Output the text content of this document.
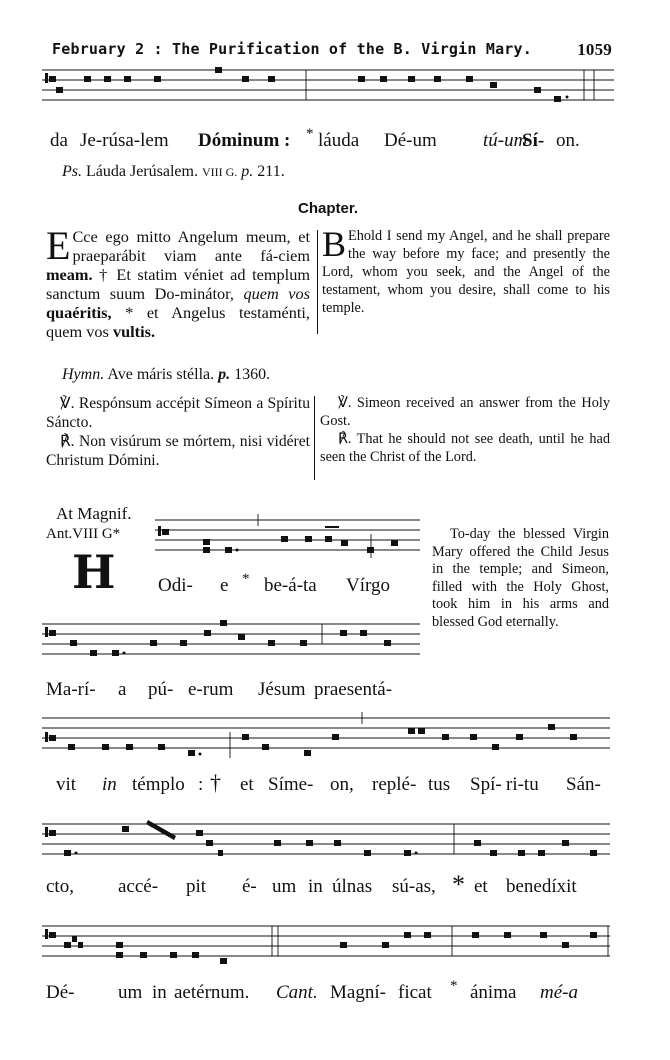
February 2 : The Purification of the B. Virgin Mary.	1059
da Je-rúsa-lem Dóminum : * láuda Dé-um tú-um
Sí- on.
Ps. Láuda Jerúsalem. VIII G. p. 211.
Chapter.
E Cce ego mitto Angelum meum, et praeparábit viam ante fá-ciem meam. † Et statim véniet ad templum sanctum suum Do-minátor, quem vos quaéritis, * et Angelus testaménti, quem vos vultis.
B Ehold I send my Angel, and he shall prepare the way before my face; and presently the Lord, whom you seek, and the Angel of the testament, whom you desire, shall come to his temple.
Hymn. Ave máris stélla. p. 1360.
℣. Respónsum accépit Símeon a Spíritu Sáncto.
℟. Non visúrum se mórtem, nisi vidéret Christum Dómini.
℣. Simeon received an answer from the Holy Gost.
℟. That he should not see death, until he had seen the Christ of the Lord.
At Magnif.
Ant.VIII G*
H
To-day the blessed Virgin Mary offered the Child Jesus in the temple; and Simeon, filled with the Holy Ghost, took him in his arms and blessed God eternally.
Odi- e * be-á-ta Vírgo
Ma-rí- a pú- e-rum Jésum praesentá-
vit in témplo : † et Síme- on, replé- tus Spí- ri-tu Sán-
cto, accé- pit é- um in úlnas sú-as, * et benedíxit
Dé- um in aetérnum. Cant. Magní- ficat * ánima mé-a
